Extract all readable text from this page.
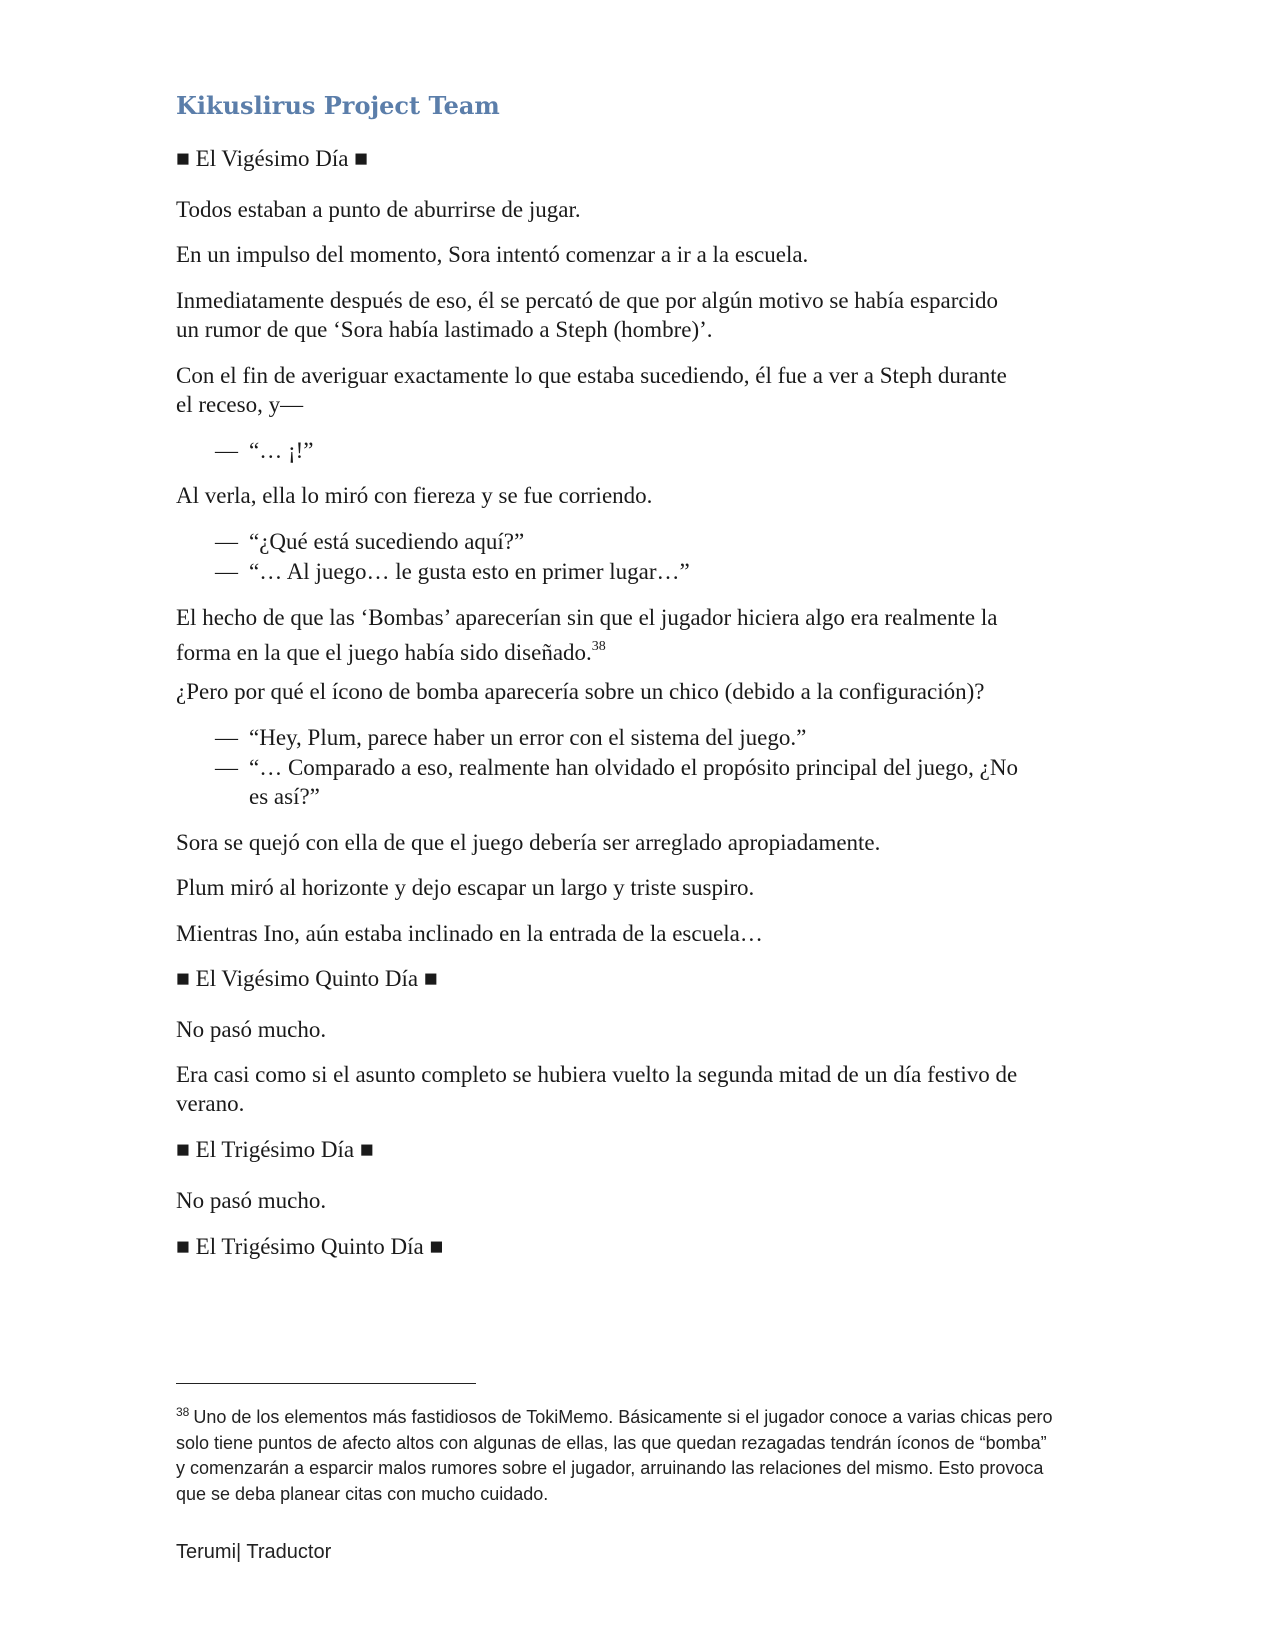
Kikuslirus Project Team
■ El Vigésimo Día ■
Todos estaban a punto de aburrirse de jugar.
En un impulso del momento, Sora intentó comenzar a ir a la escuela.
Inmediatamente después de eso, él se percató de que por algún motivo se había esparcido
un rumor de que ‘Sora había lastimado a Steph (hombre)’.
Con el fin de averiguar exactamente lo que estaba sucediendo, él fue a ver a Steph durante
el receso, y—
— “… ¡!”
Al verla, ella lo miró con fiereza y se fue corriendo.
— “¿Qué está sucediendo aquí?”
— “… Al juego… le gusta esto en primer lugar…”
El hecho de que las ‘Bombas’ aparecerían sin que el jugador hiciera algo era realmente la
forma en la que el juego había sido diseñado.$^{38}$
¿Pero por qué el ícono de bomba aparecería sobre un chico (debido a la configuración)?
— “Hey, Plum, parece haber un error con el sistema del juego.”
— “… Comparado a eso, realmente han olvidado el propósito principal del juego, ¿No
es así?”
Sora se quejó con ella de que el juego debería ser arreglado apropiadamente.
Plum miró al horizonte y dejo escapar un largo y triste suspiro.
Mientras Ino, aún estaba inclinado en la entrada de la escuela…
■ El Vigésimo Quinto Día ■
No pasó mucho.
Era casi como si el asunto completo se hubiera vuelto la segunda mitad de un día festivo de
verano.
■ El Trigésimo Día ■
No pasó mucho.
■ El Trigésimo Quinto Día ■
$^{38}$ Uno de los elementos más fastidiosos de TokiMemo. Básicamente si el jugador conoce a varias chicas pero
solo tiene puntos de afecto altos con algunas de ellas, las que quedan rezagadas tendrán íconos de “bomba”
y comenzarán a esparcir malos rumores sobre el jugador, arruinando las relaciones del mismo. Esto provoca
que se deba planear citas con mucho cuidado.
Terumi| Traductor
